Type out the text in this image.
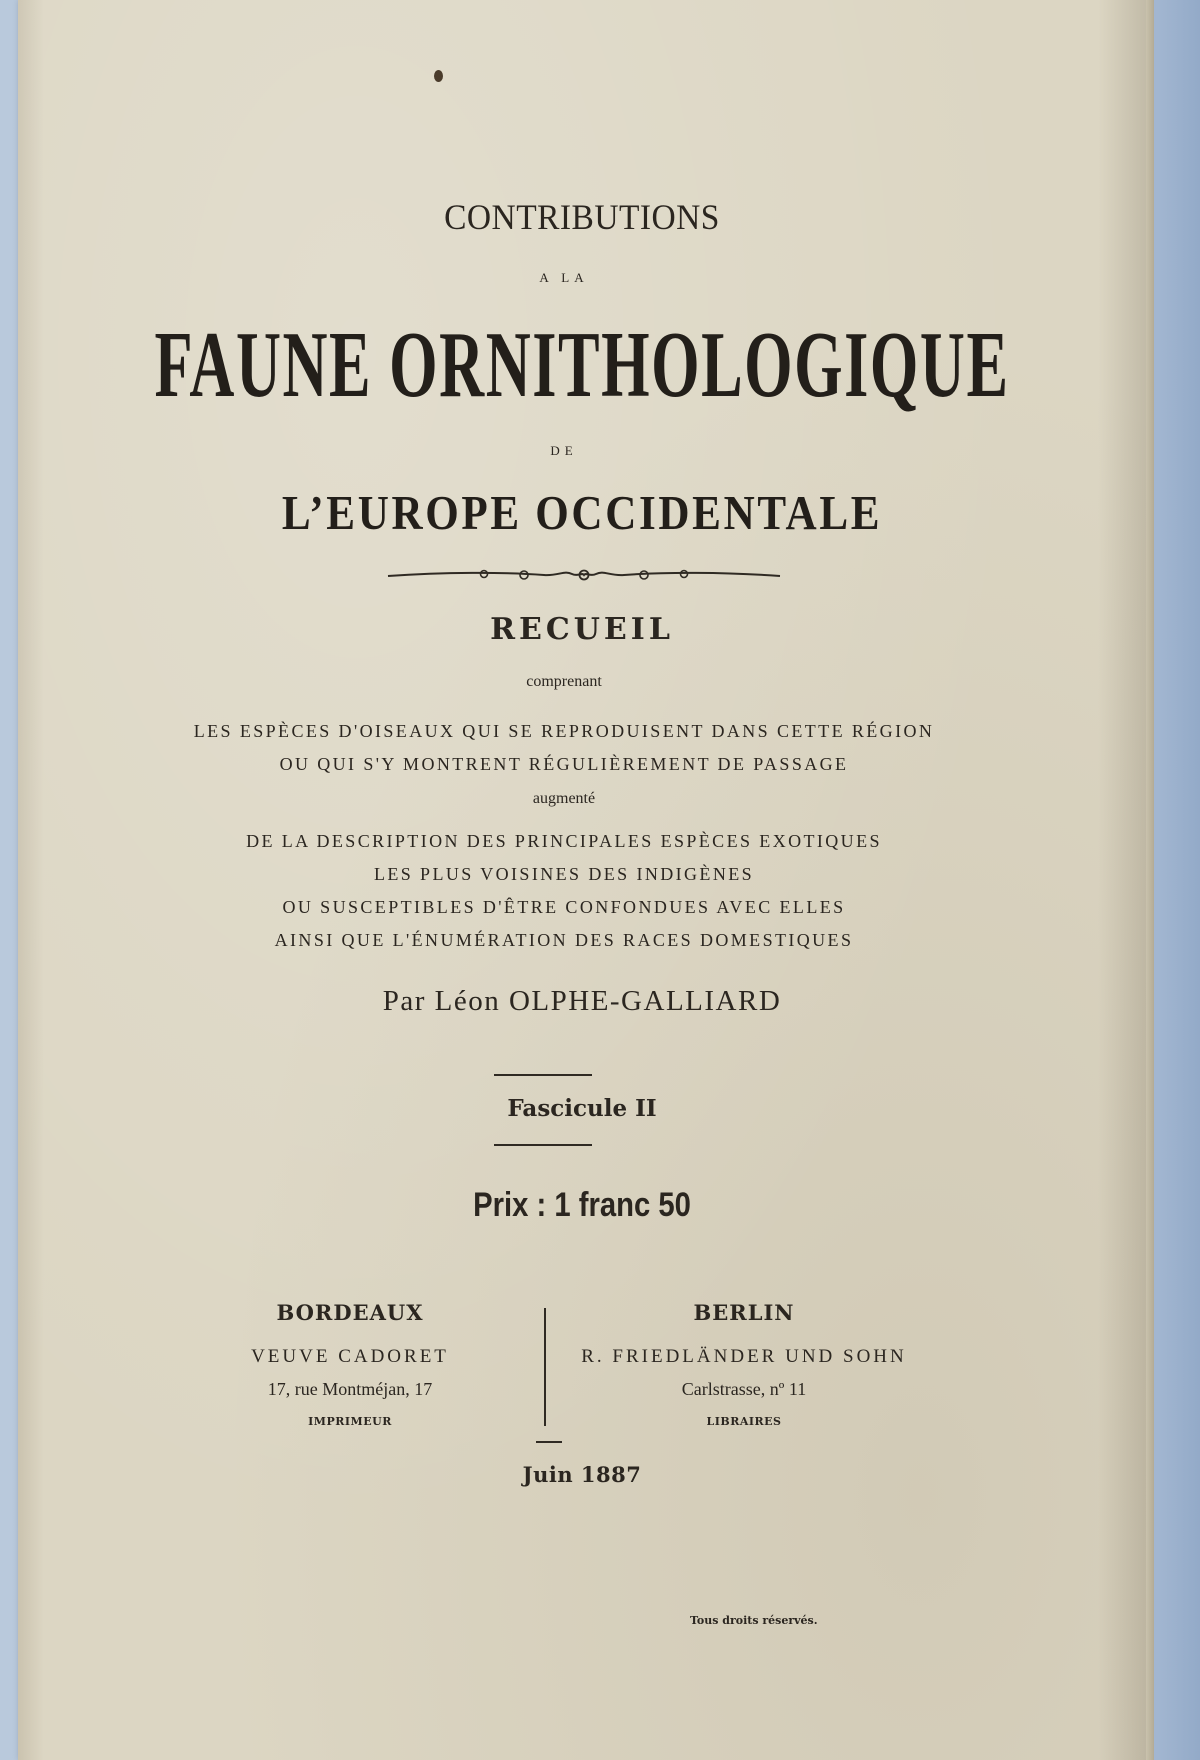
CONTRIBUTIONS
A LA
FAUNE ORNITHOLOGIQUE
DE
L’EUROPE OCCIDENTALE
RECUEIL
comprenant
LES ESPÈCES D'OISEAUX QUI SE REPRODUISENT DANS CETTE RÉGION
OU QUI S'Y MONTRENT RÉGULIÈREMENT DE PASSAGE
augmenté
DE LA DESCRIPTION DES PRINCIPALES ESPÈCES EXOTIQUES
LES PLUS VOISINES DES INDIGÈNES
OU SUSCEPTIBLES D'ÊTRE CONFONDUES AVEC ELLES
AINSI QUE L'ÉNUMÉRATION DES RACES DOMESTIQUES
Par Léon OLPHE-GALLIARD
Fascicule II
Prix : 1 franc 50
BORDEAUX
VEUVE CADORET
17, rue Montméjan, 17
IMPRIMEUR
BERLIN
R. FRIEDLÄNDER UND SOHN
Carlstrasse, nº 11
LIBRAIRES
Juin 1887
Tous droits réservés.
